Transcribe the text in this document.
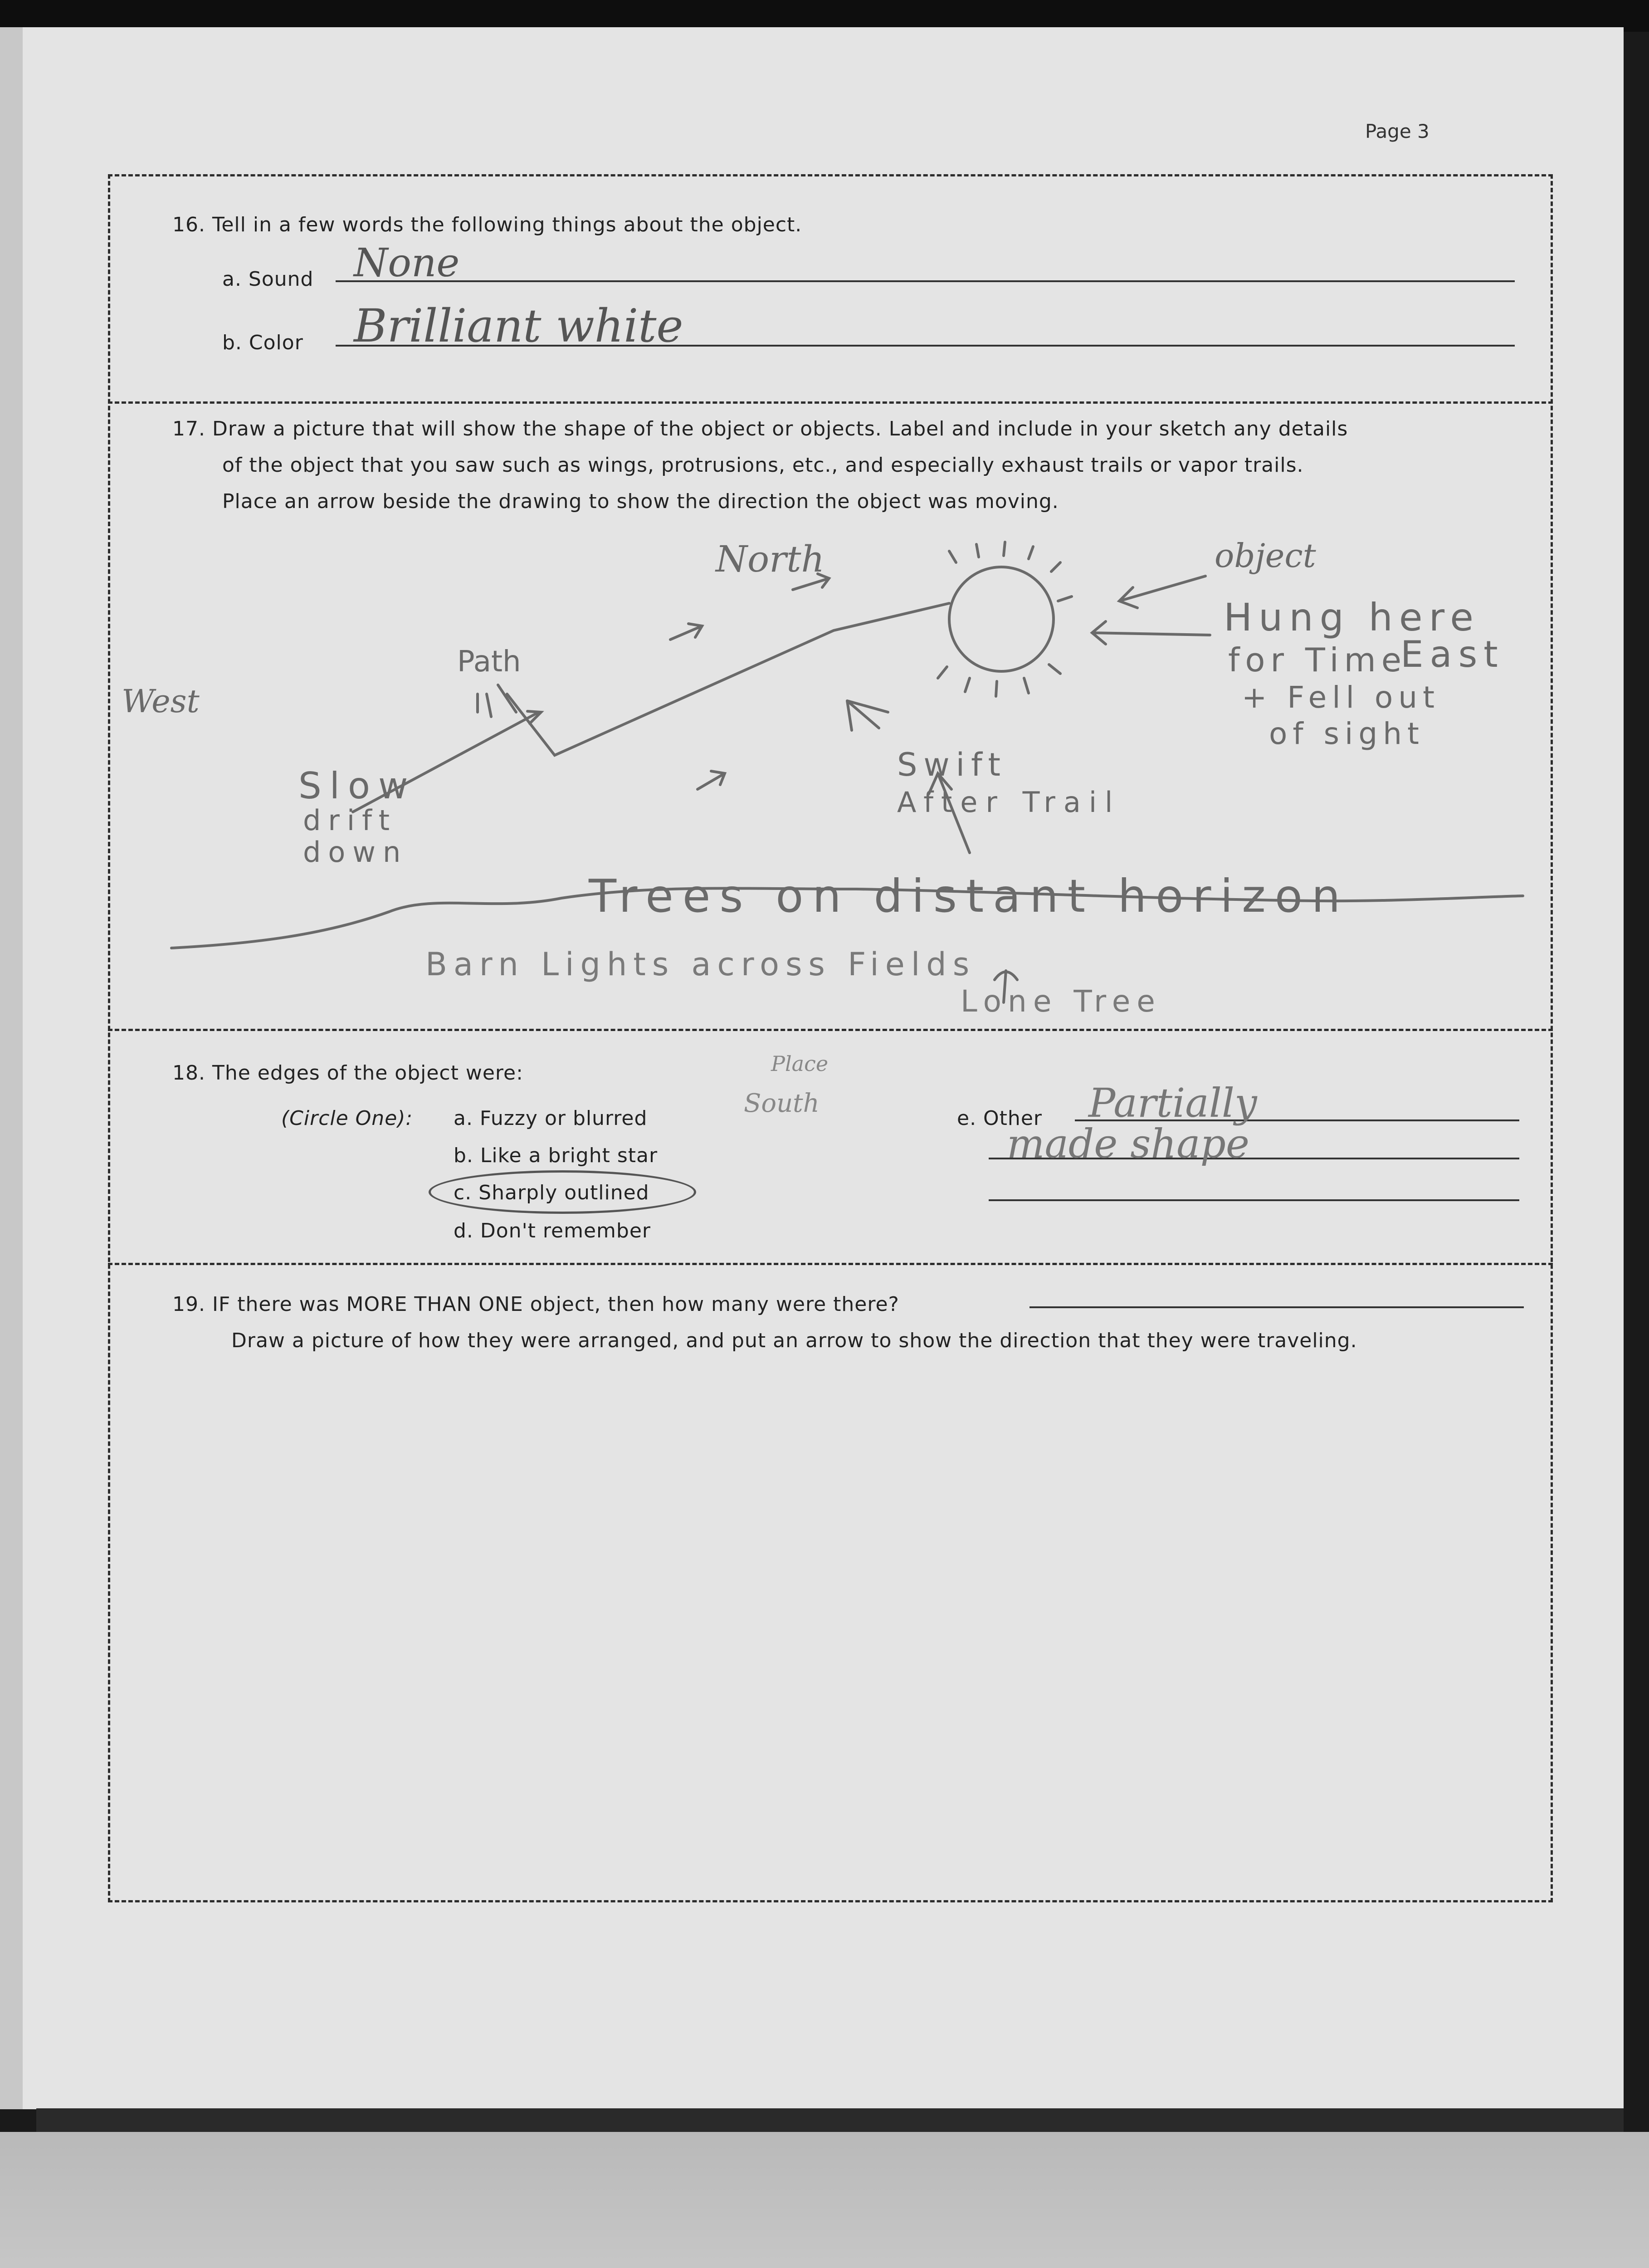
Page 3
16. Tell in a few words the following things about the object.
a. Sound None
b. Color Brilliant white
17. Draw a picture that will show the shape of the object or objects. Label and include in your sketch any details
of the object that you saw such as wings, protrusions, etc., and especially exhaust trails or vapor trails.
Place an arrow beside the drawing to show the direction the object was moving.
North
West
Path
object
Hung here
for Time
East
+ Fell out
of sight
Slow
drift
down
Swift
After Trail
Trees on distant horizon
Barn Lights across Fields
Lone Tree
18. The edges of the object were:
(Circle One): a. Fuzzy or blurred
b. Like a bright star
c. Sharply outlined
d. Don't remember
e. Other Partially
made shape
Place
South
19. IF there was MORE THAN ONE object, then how many were there?
Draw a picture of how they were arranged, and put an arrow to show the direction that they were traveling.
